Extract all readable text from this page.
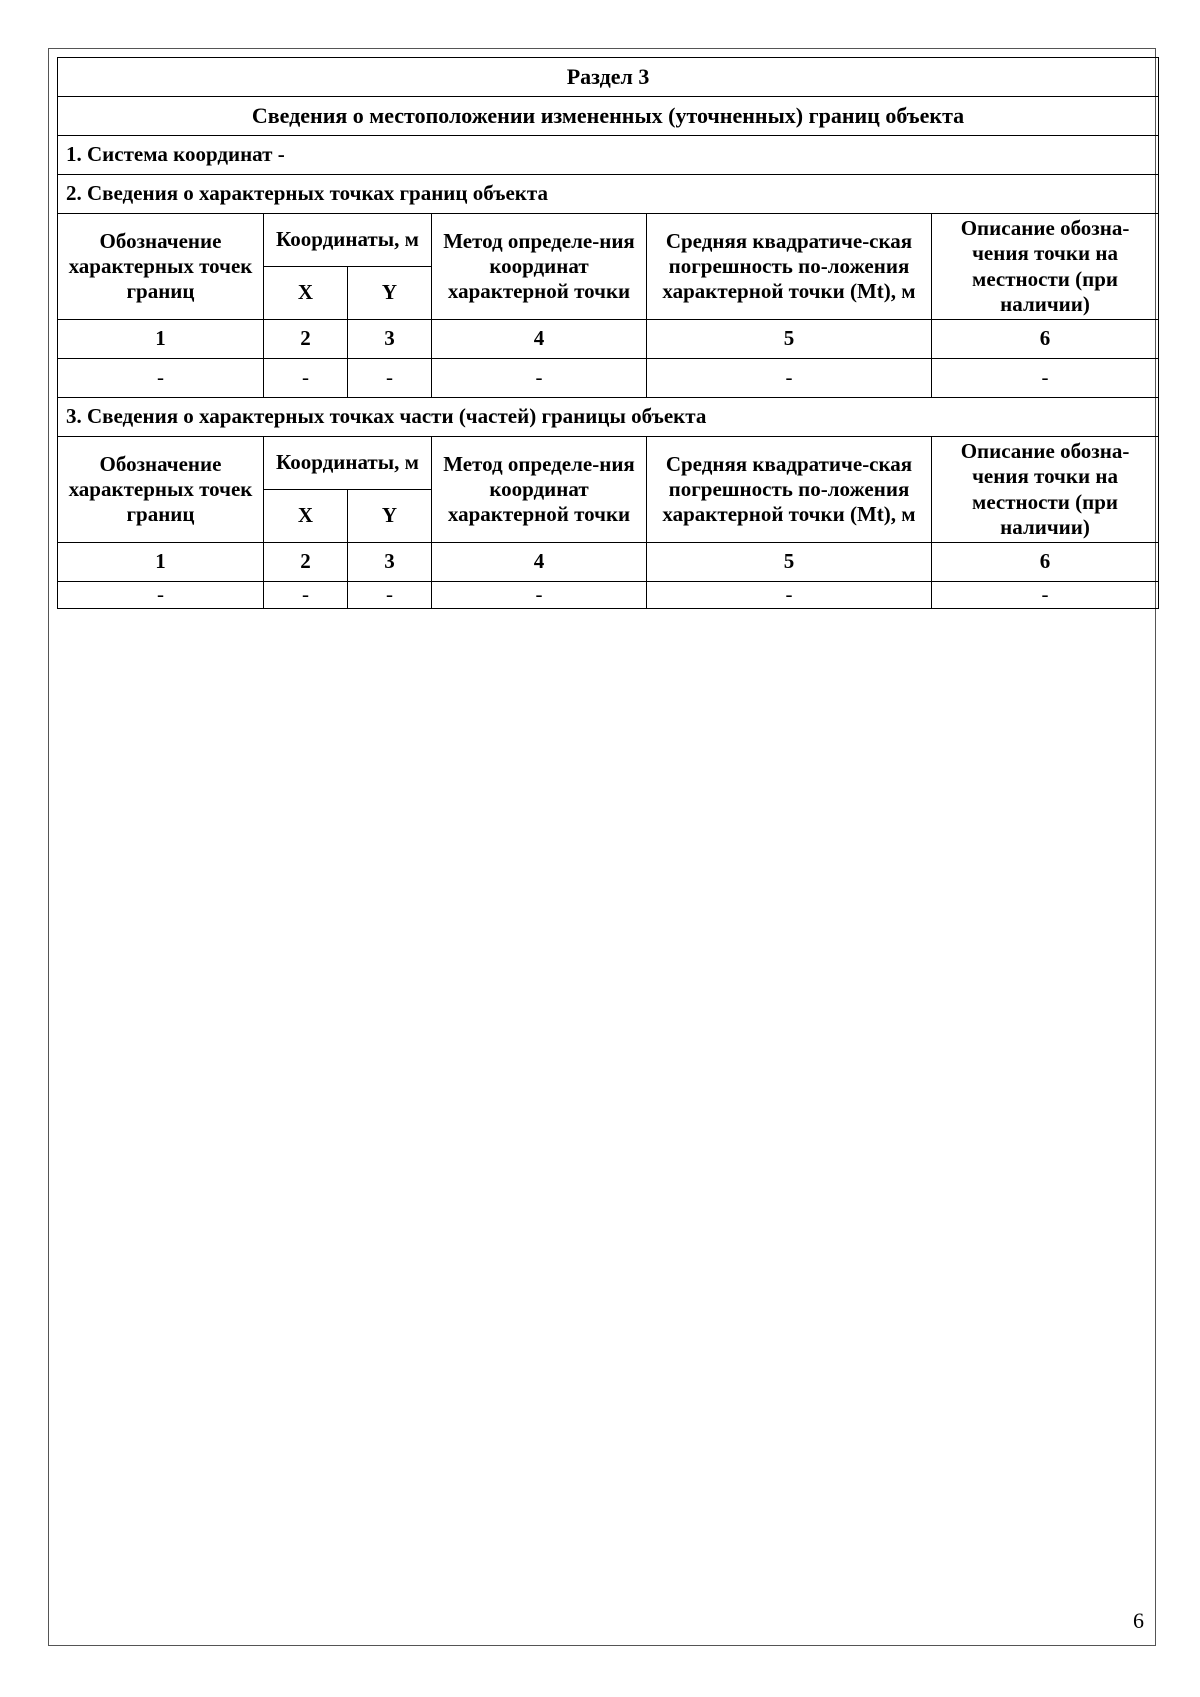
Раздел 3					
Сведения о местоположении измененных (уточненных) границ объекта					
1. Система координат -					
2. Сведения о характерных точках границ объекта					
Обозначение характерных точек границ	Координаты, м		Метод определе-ния координат характерной точки	Средняя квадратиче-ская погрешность по-ложения характерной точки (Mt), м	Описание обозна-чения точки на местности (при наличии)
	X	Y			
1	2	3	4	5	6
-	-	-	-	-	-
3. Сведения о характерных точках части (частей) границы объекта					
Обозначение характерных точек границ	Координаты, м		Метод определе-ния координат характерной точки	Средняя квадратиче-ская погрешность по-ложения характерной точки (Mt), м	Описание обозна-чения точки на местности (при наличии)
	X	Y			
1	2	3	4	5	6
-	-	-	-	-	-
6
